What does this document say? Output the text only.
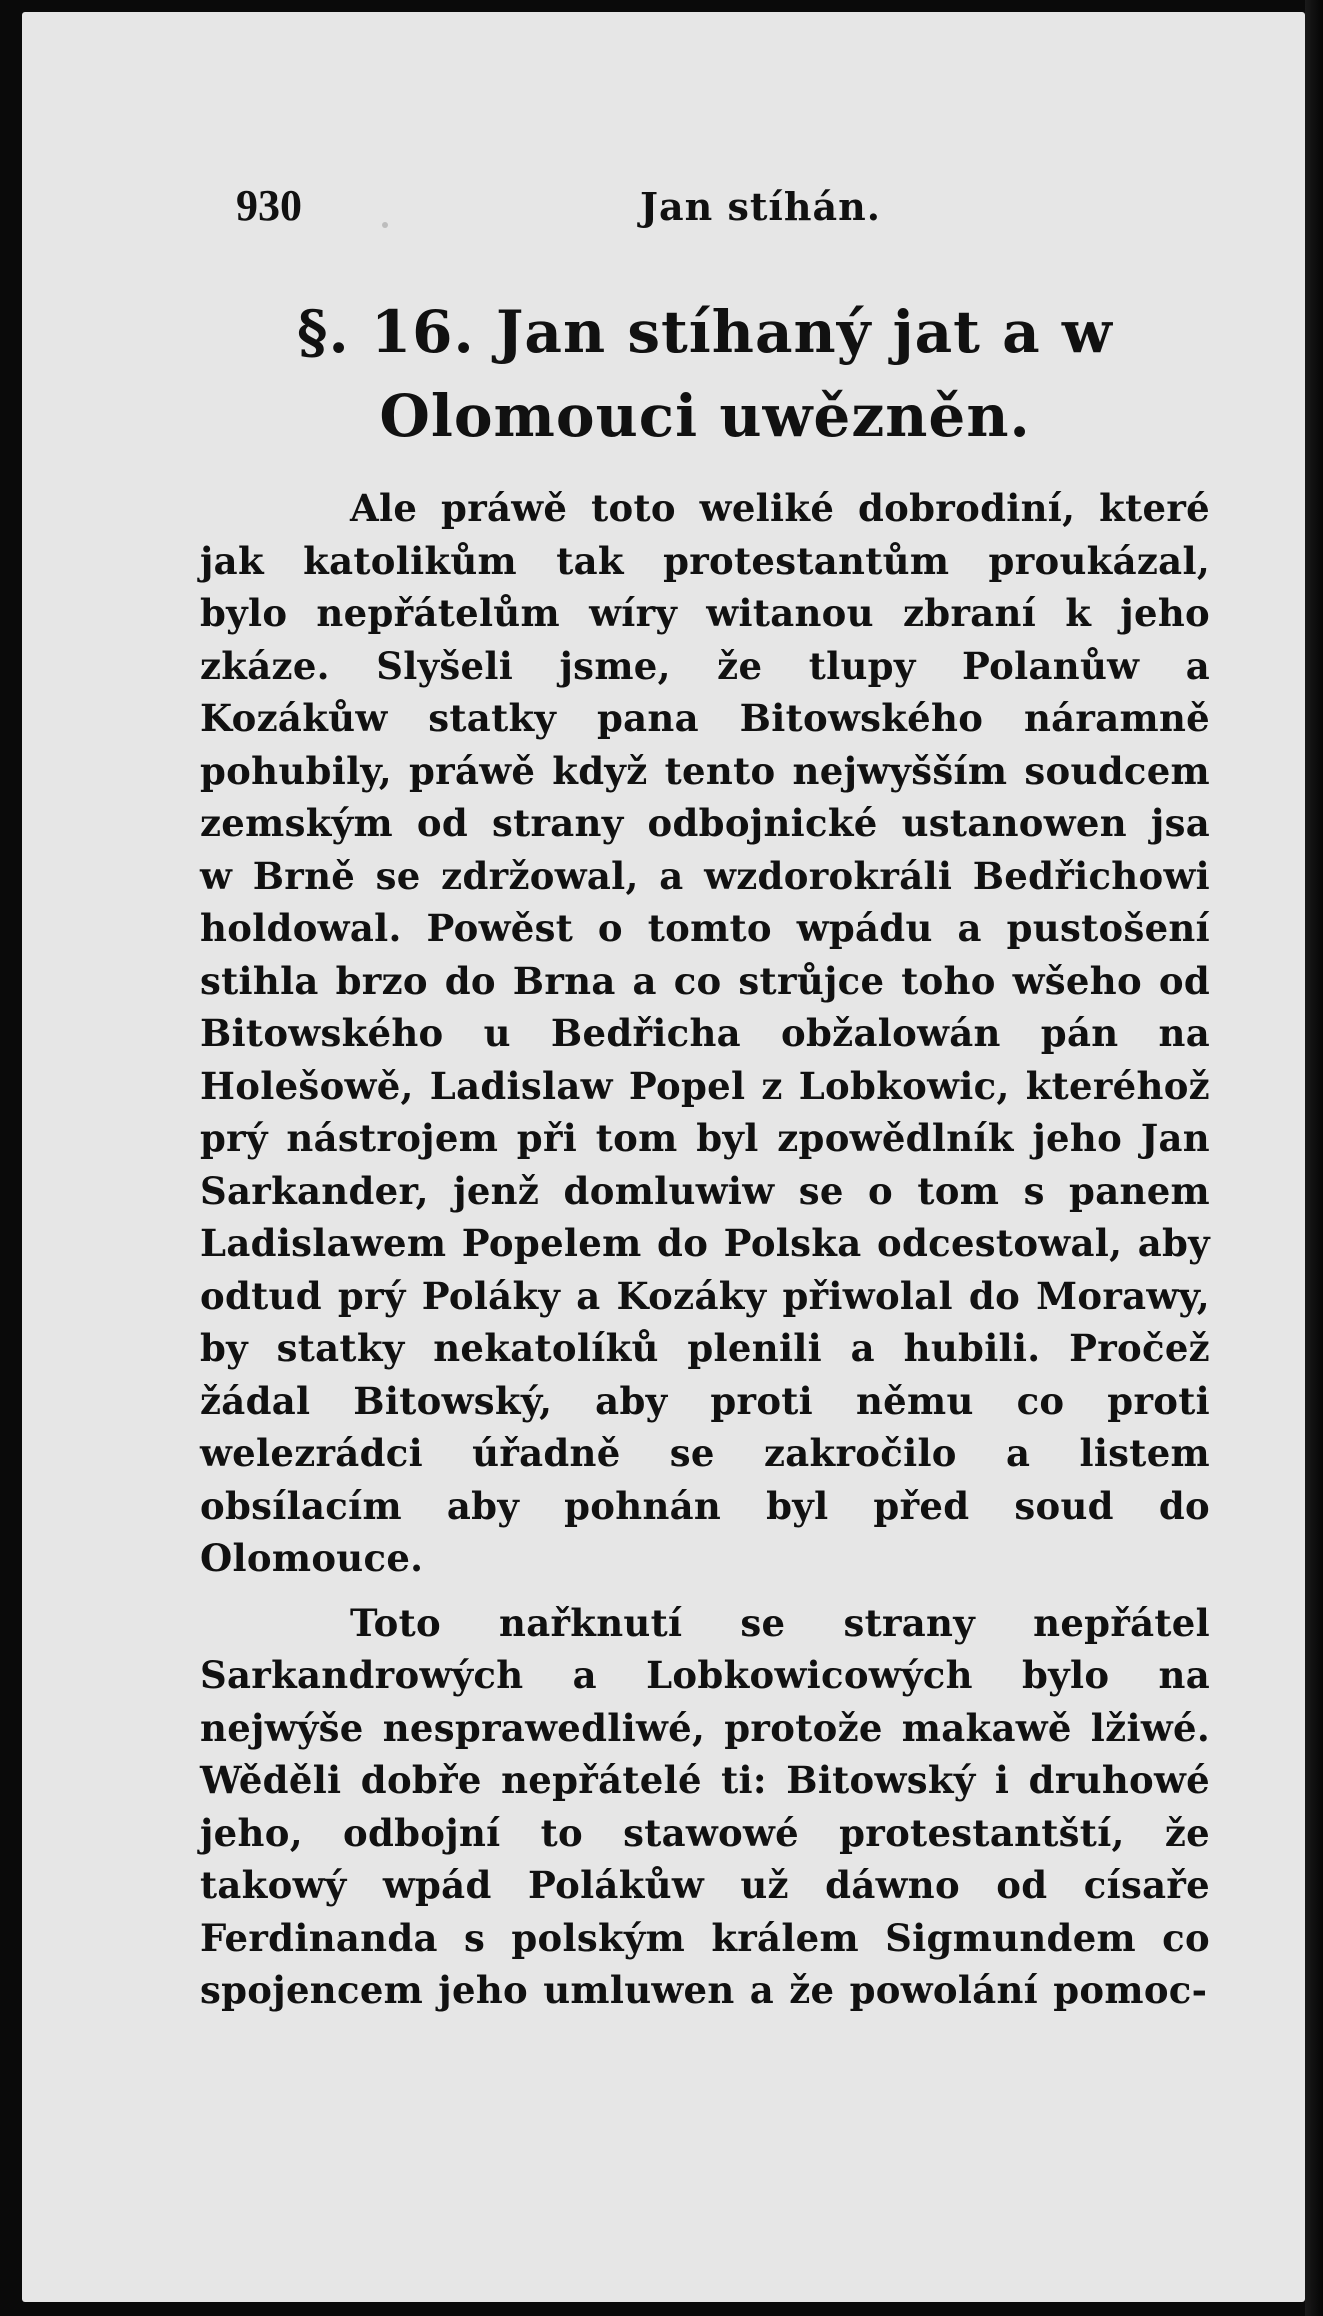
930	Jan stíhán.
§. 16. Jan stíhaný jat a w Olomouci uwězněn.

Ale práwě toto weliké dobrodiní, které jak katolikům tak protestantům proukázal, bylo nepřátelům wíry witanou zbraní k jeho zkáze. Slyšeli jsme, že tlupy Polanůw a Kozákůw statky pana Bitowského náramně pohubily, práwě když tento nejwyšším soudcem zemským od strany odbojnické ustanowen jsa w Brně se zdržowal, a wzdorokráli Bedřichowi holdowal. Powěst o tomto wpádu a pustošení stihla brzo do Brna a co strůjce toho wšeho od Bitowského u Bedřicha obžalowán pán na Holešowě, Ladislaw Popel z Lobkowic, kteréhož prý nástrojem při tom byl zpowědlník jeho Jan Sarkander, jenž domluwiw se o tom s panem Ladislawem Popelem do Polska odcestowal, aby odtud prý Poláky a Kozáky přiwolal do Morawy, by statky nekatolíků plenili a hubili. Pročež žádal Bitowský, aby proti němu co proti welezrádci úřadně se zakročilo a listem obsílacím aby pohnán byl před soud do Olomouce.

Toto nařknutí se strany nepřátel Sarkandrowých a Lobkowicowých bylo na nejwýše nesprawedliwé, protože makawě lžiwé. Wěděli dobře nepřátelé ti: Bitowský i druhowé jeho, odbojní to stawowé protestantští, že takowý wpád Polákůw už dáwno od císaře Ferdinanda s polským králem Sigmundem co spojencem jeho umluwen a že powolání pomoc-
